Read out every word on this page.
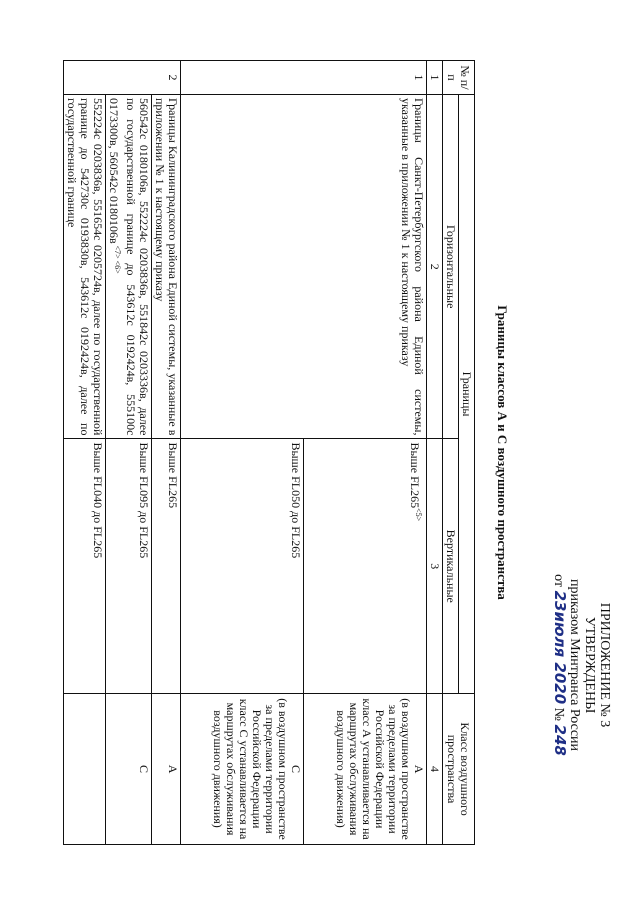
ПРИЛОЖЕНИЕ № 3
УТВЕРЖДЕНЫ
приказом Минтранса России
от 23июля 2020 № 248
Границы классов А и С воздушного пространства
№ п/п	Границы		Класс воздушного пространства
	Горизонтальные	Вертикальные	
1	2	3	4
1	Границы Санкт-Петербургского района Единой системы, указанные в приложении № 1 к настоящему приказу	Выше $FL265^{<5>}$	А
(в воздушном пространстве за пределами территории Российской Федерации класс А устанавливается на маршрутах обслуживания воздушного движения)
		Выше FL050 до FL265	С
(в воздушном пространстве за пределами территории Российской Федерации класс С устанавливается на маршрутах обслуживания воздушного движения)
2	Границы Калининградского района Единой системы, указанные в приложении № 1 к настоящему приказу	Выше FL265	А
	560542с 0180106в, 552224с 0203836в, 551842с 0203336в, далее по государственной границе до 543612с 0192424в, 555100с 0173300в, 560542с $0180106в^{<7><6>}$	Выше FL095 до FL265	С
	552224с 0203836в, 551654с 0205724в, далее по государственной границе до 542730с 0193830в, 543612с 0192424в, далее по государственной границе	Выше FL040 до FL265	
